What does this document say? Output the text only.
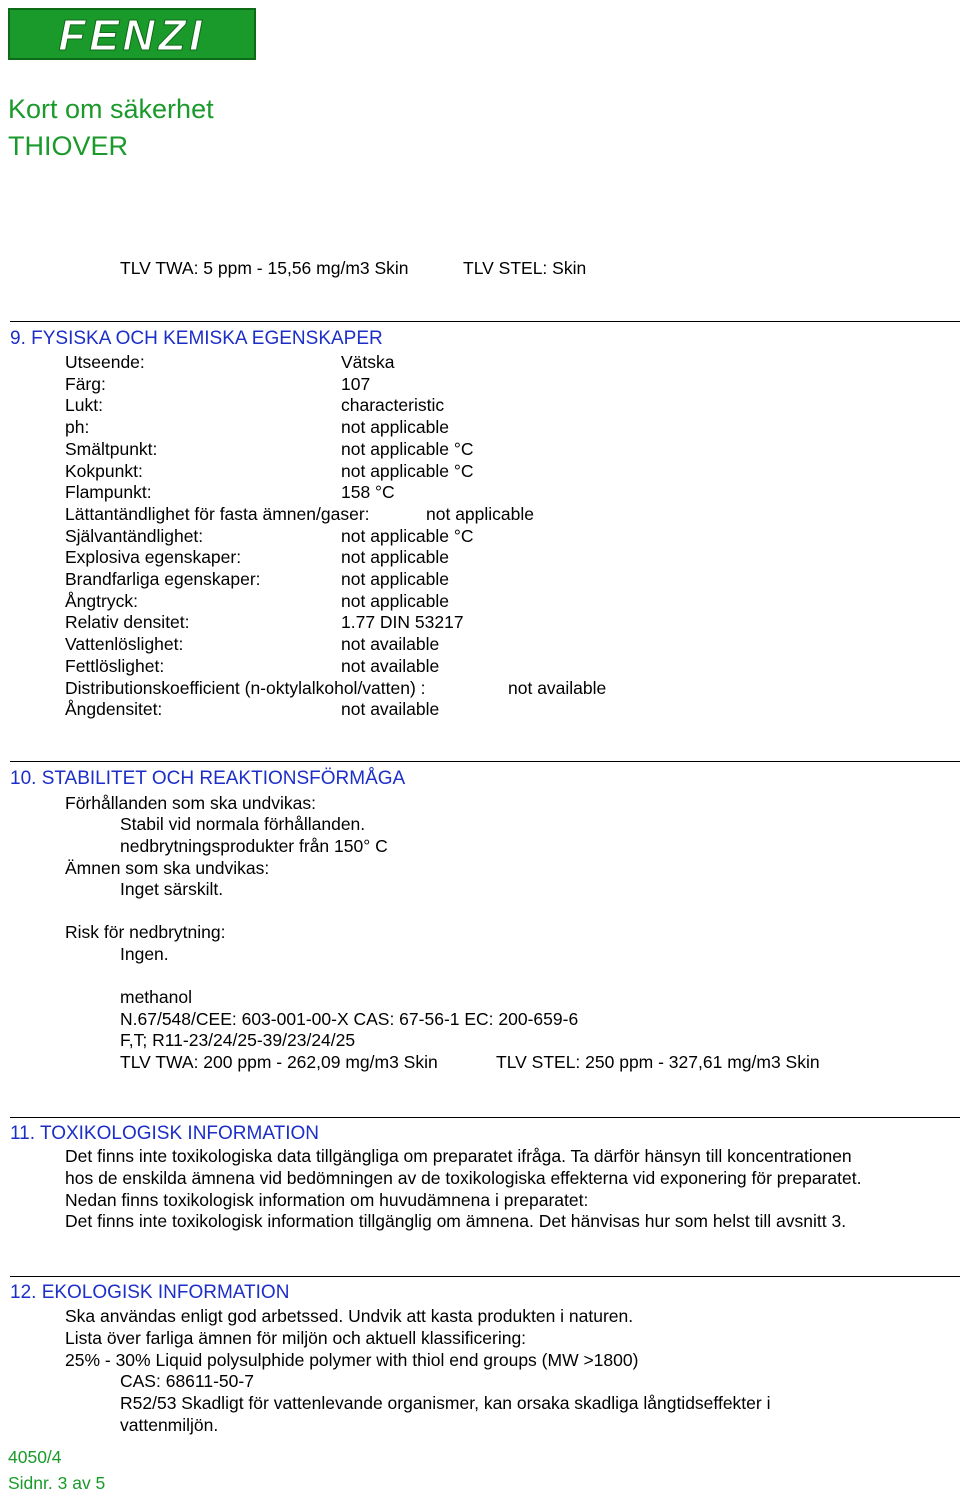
FENZI
Kort om säkerhet
THIOVER
TLV TWA: 5 ppm - 15,56 mg/m3 Skin	TLV STEL: Skin
9. FYSISKA OCH KEMISKA EGENSKAPER
Utseende:	Vätska
Färg:	107
Lukt:	characteristic
ph:	not applicable
Smältpunkt:	not applicable °C
Kokpunkt:	not applicable °C
Flampunkt:	158 °C
Lättantändlighet för fasta ämnen/gaser:	not applicable
Självantändlighet:	not applicable °C
Explosiva egenskaper:	not applicable
Brandfarliga egenskaper:	not applicable
Ångtryck:	not applicable
Relativ densitet:	1.77 DIN 53217
Vattenlöslighet:	not available
Fettlöslighet:	not available
Distributionskoefficient (n-oktylalkohol/vatten) :	not available
Ångdensitet:	not available
10. STABILITET OCH REAKTIONSFÖRMÅGA
Förhållanden som ska undvikas:
Stabil vid normala förhållanden.
nedbrytningsprodukter från 150° C
Ämnen som ska undvikas:
Inget särskilt.
Risk för nedbrytning:
Ingen.
methanol
N.67/548/CEE: 603-001-00-X CAS: 67-56-1 EC: 200-659-6
F,T; R11-23/24/25-39/23/24/25
TLV TWA: 200 ppm - 262,09 mg/m3 Skin	TLV STEL: 250 ppm - 327,61 mg/m3 Skin
11. TOXIKOLOGISK INFORMATION
Det finns inte toxikologiska data tillgängliga om preparatet ifråga. Ta därför hänsyn till koncentrationen
hos de enskilda ämnena vid bedömningen av de toxikologiska effekterna vid exponering för preparatet.
Nedan finns toxikologisk information om huvudämnena i preparatet:
Det finns inte toxikologisk information tillgänglig om ämnena. Det hänvisas hur som helst till avsnitt 3.
12. EKOLOGISK INFORMATION
Ska användas enligt god arbetssed. Undvik att kasta produkten i naturen.
Lista över farliga ämnen för miljön och aktuell klassificering:
25% - 30% Liquid polysulphide polymer with thiol end groups (MW >1800)
CAS: 68611-50-7
R52/53 Skadligt för vattenlevande organismer, kan orsaka skadliga långtidseffekter i
vattenmiljön.
4050/4
Sidnr. 3 av 5
